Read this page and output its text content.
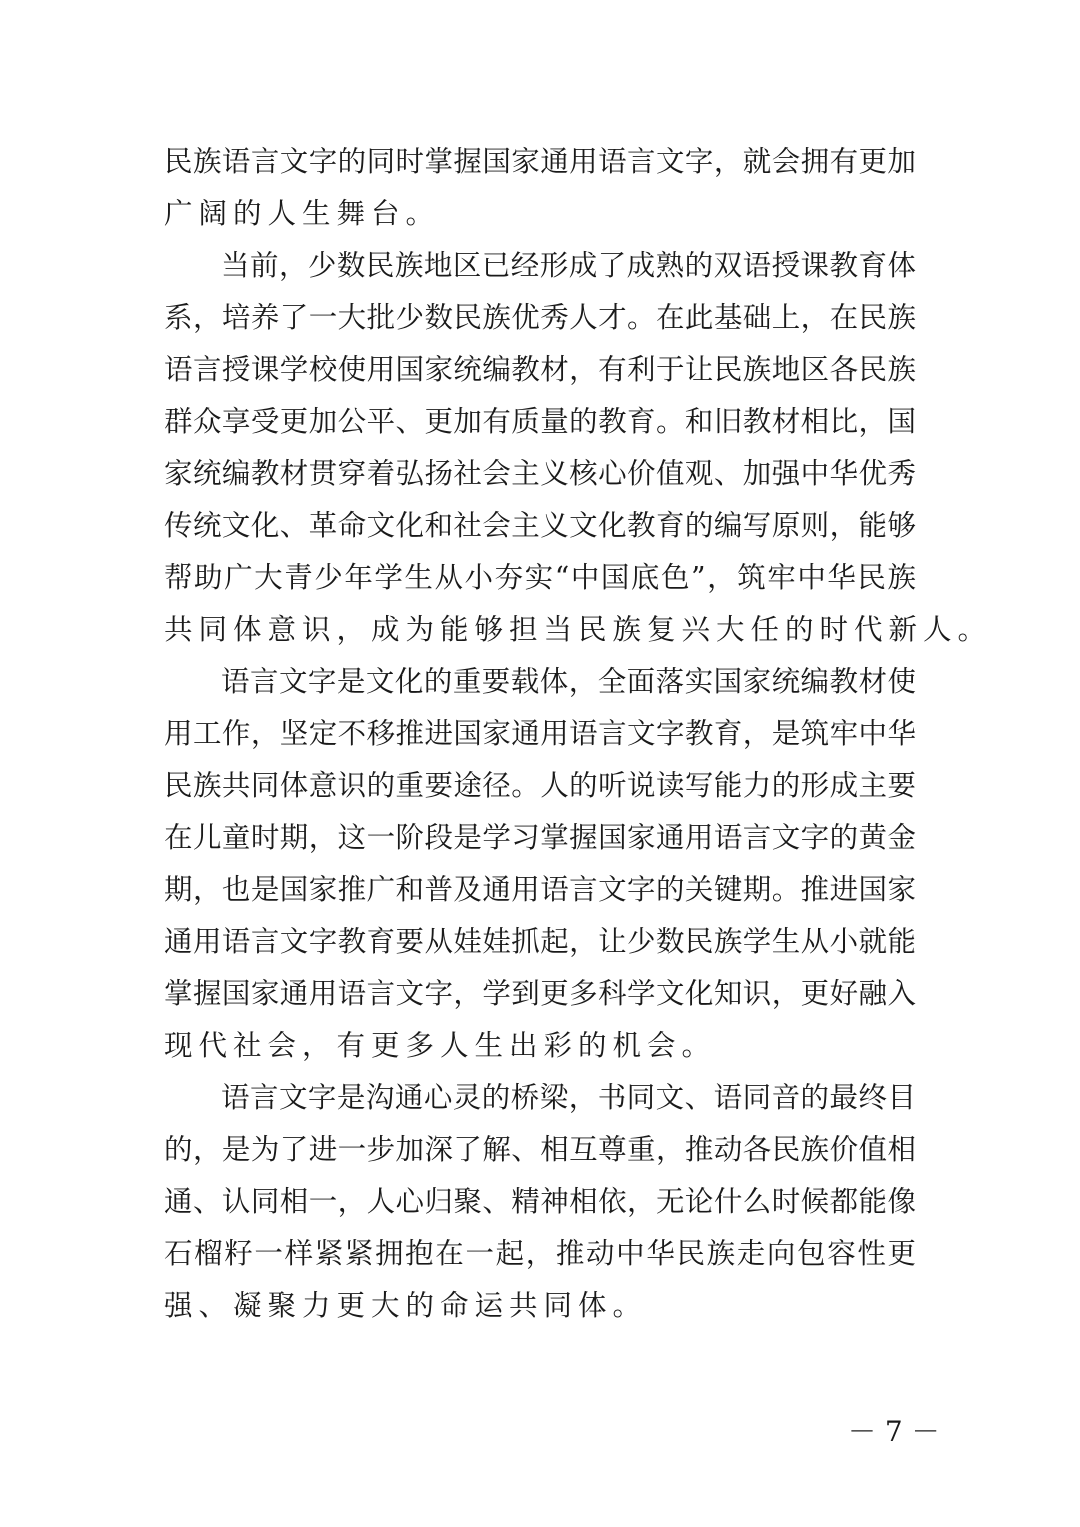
民族语言文字的同时掌握国家通用语言文字，就会拥有更加
广阔的人生舞台。
当前，少数民族地区已经形成了成熟的双语授课教育体
系，培养了一大批少数民族优秀人才。在此基础上，在民族
语言授课学校使用国家统编教材，有利于让民族地区各民族
群众享受更加公平、更加有质量的教育。和旧教材相比，国
家统编教材贯穿着弘扬社会主义核心价值观、加强中华优秀
传统文化、革命文化和社会主义文化教育的编写原则，能够
帮助广大青少年学生从小夯实“中国底色”，筑牢中华民族
共同体意识，成为能够担当民族复兴大任的时代新人。
语言文字是文化的重要载体，全面落实国家统编教材使
用工作，坚定不移推进国家通用语言文字教育，是筑牢中华
民族共同体意识的重要途径。人的听说读写能力的形成主要
在儿童时期，这一阶段是学习掌握国家通用语言文字的黄金
期，也是国家推广和普及通用语言文字的关键期。推进国家
通用语言文字教育要从娃娃抓起，让少数民族学生从小就能
掌握国家通用语言文字，学到更多科学文化知识，更好融入
现代社会，有更多人生出彩的机会。
语言文字是沟通心灵的桥梁，书同文、语同音的最终目
的，是为了进一步加深了解、相互尊重，推动各民族价值相
通、认同相一，人心归聚、精神相依，无论什么时候都能像
石榴籽一样紧紧拥抱在一起，推动中华民族走向包容性更
强、凝聚力更大的命运共同体。
－ 7 －
